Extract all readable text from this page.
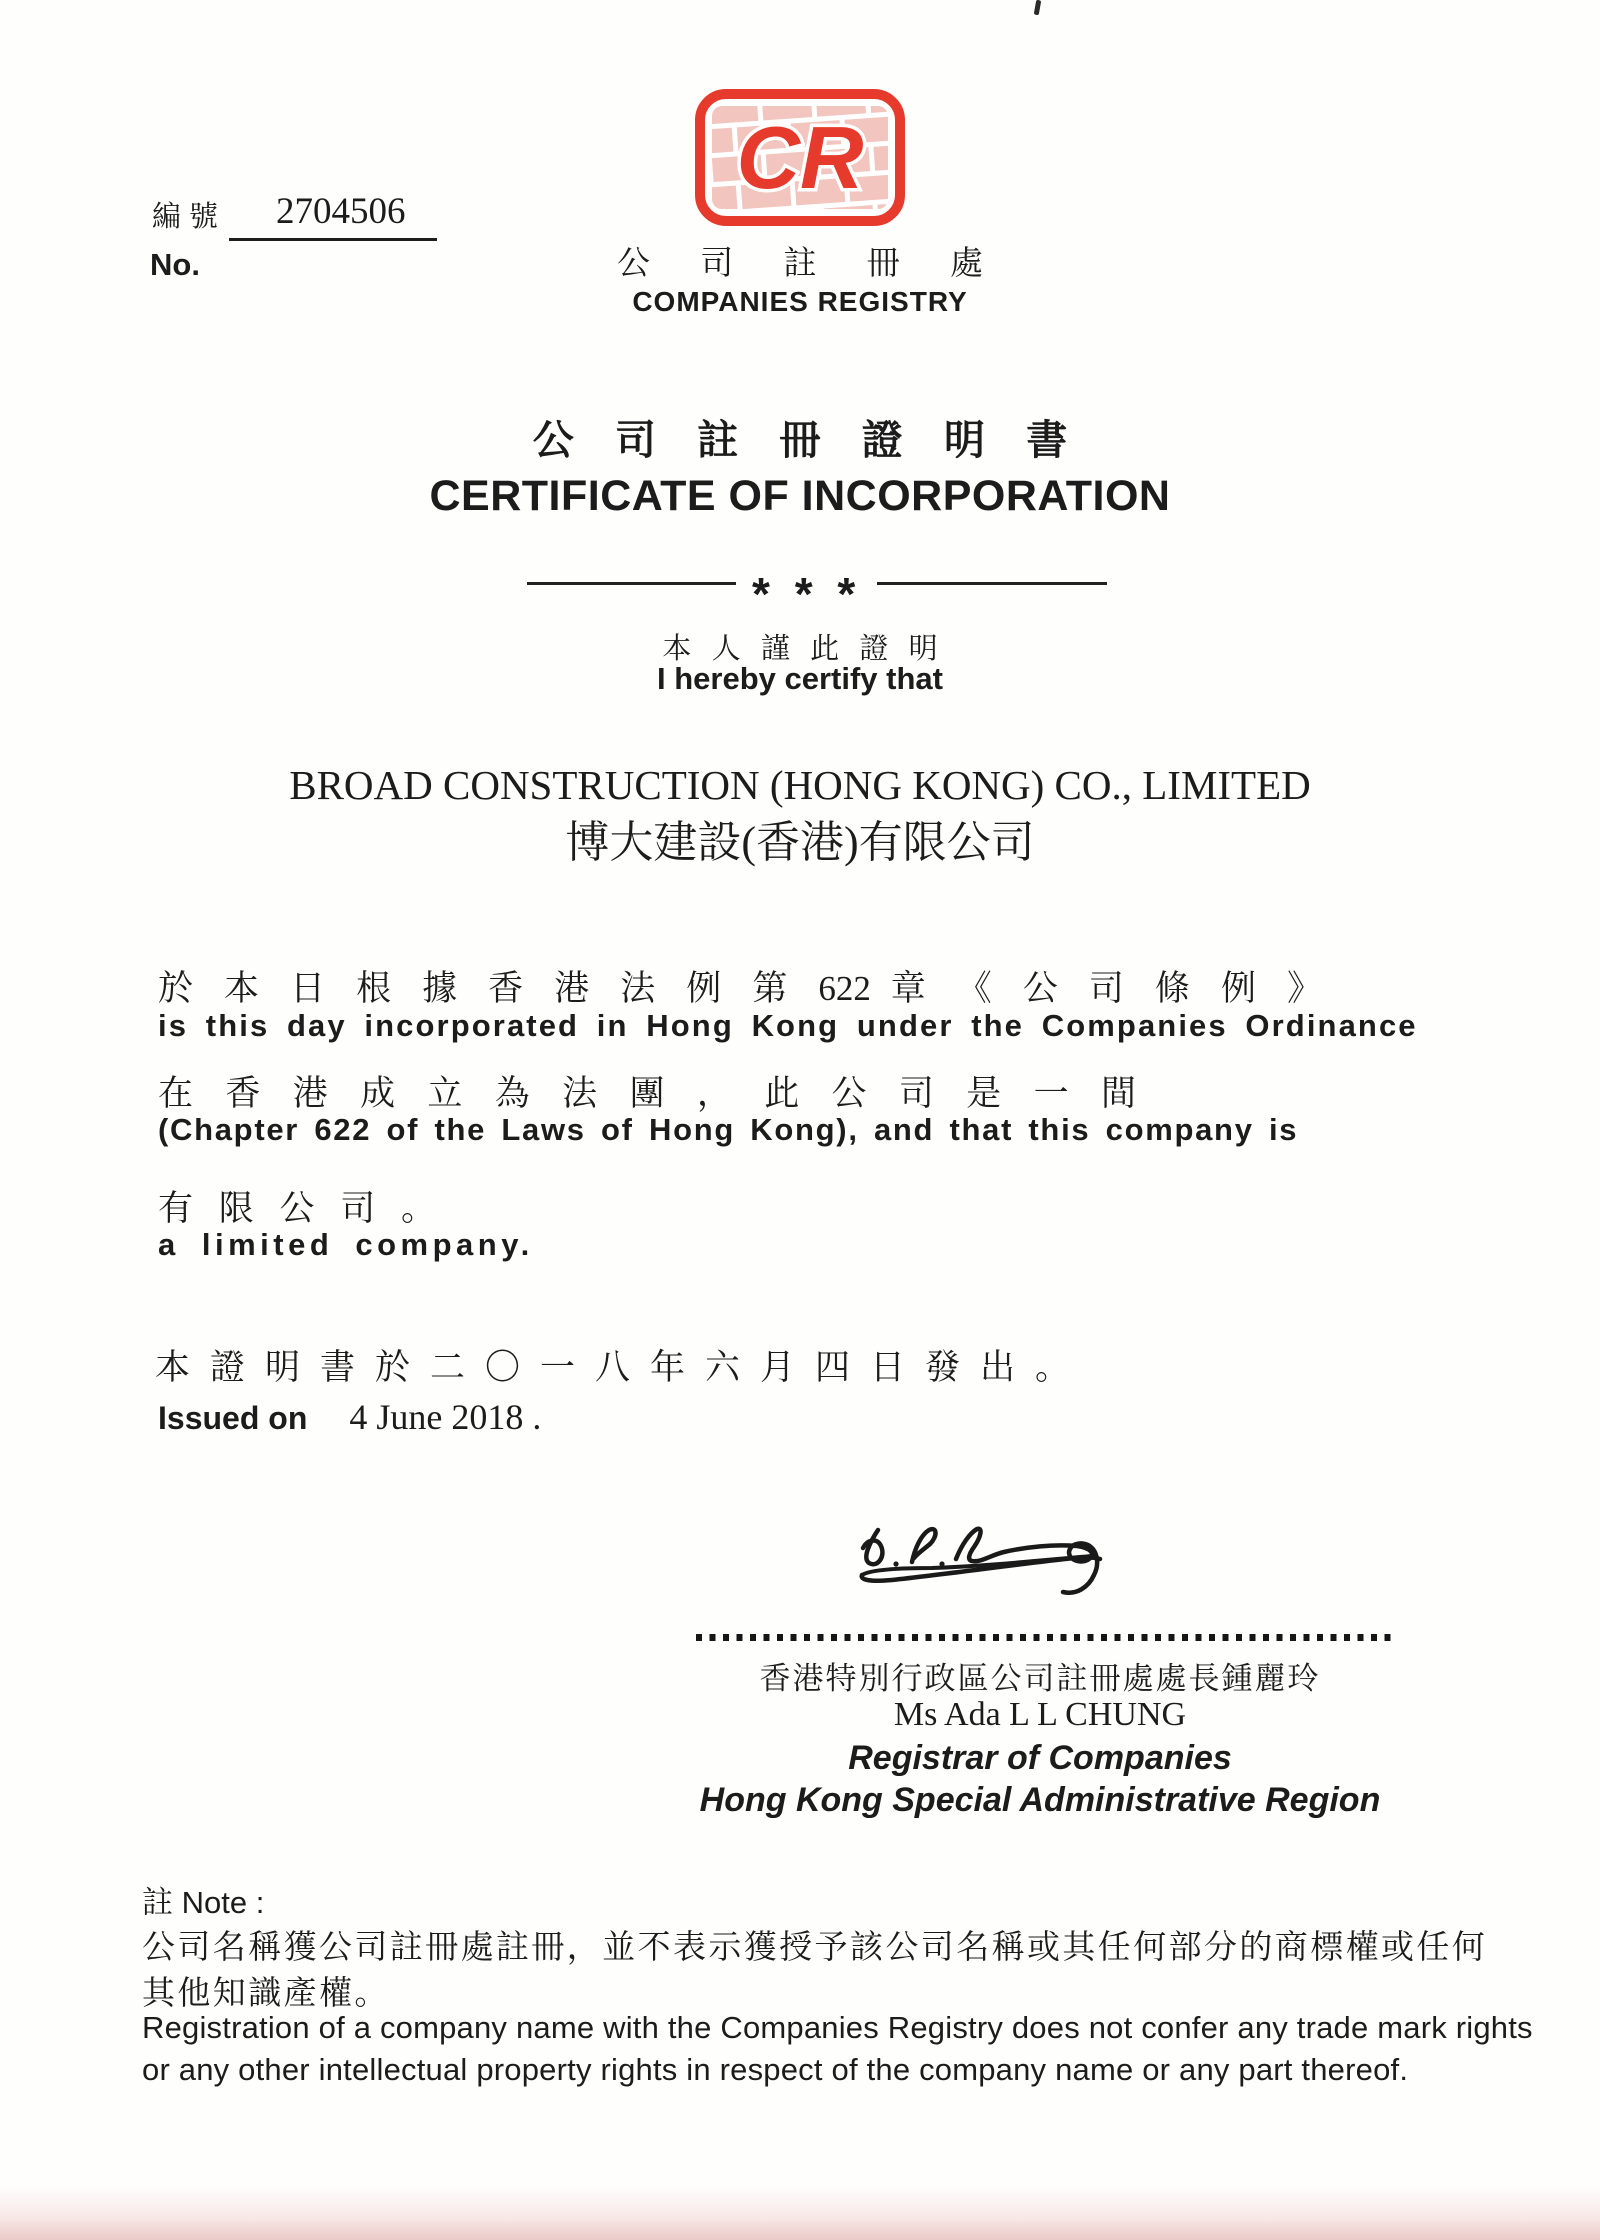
編號 2704506
No.
CR
公 司 註 冊 處
COMPANIES REGISTRY
公 司 註 冊 證 明 書
CERTIFICATE OF INCORPORATION
* * *
本 人 謹 此 證 明
I hereby certify that
BROAD CONSTRUCTION (HONG KONG) CO., LIMITED
博大建設(香港)有限公司
於 本 日 根 據 香 港 法 例 第 622 章 《 公 司 條 例 》
is this day incorporated in Hong Kong under the Companies Ordinance
在 香 港 成 立 為 法 團 ， 此 公 司 是 一 間
(Chapter 622 of the Laws of Hong Kong), and that this company is
有 限 公 司 。
a limited company.
本 證 明 書 於 二 〇 一 八 年 六 月 四 日 發 出 。
Issued on 4 June 2018 .
香港特別行政區公司註冊處處長鍾麗玲
Ms Ada L L CHUNG
Registrar of Companies
Hong Kong Special Administrative Region
註 Note :
公司名稱獲公司註冊處註冊，並不表示獲授予該公司名稱或其任何部分的商標權或任何
其他知識產權。
Registration of a company name with the Companies Registry does not confer any trade mark rights
or any other intellectual property rights in respect of the company name or any part thereof.
